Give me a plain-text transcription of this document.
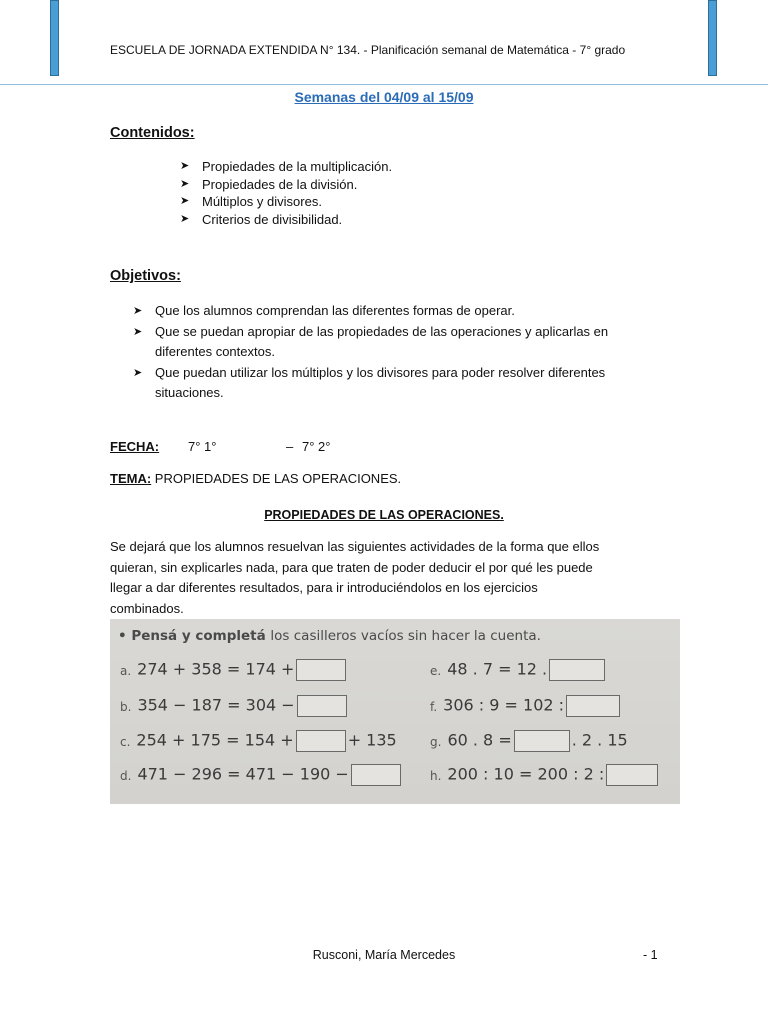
ESCUELA DE JORNADA EXTENDIDA N° 134. - Planificación semanal de Matemática - 7° grado
Semanas del 04/09 al 15/09
Contenidos:
➤ Propiedades de la multiplicación.
➤ Propiedades de la división.
➤ Múltiplos y divisores.
➤ Criterios de divisibilidad.
Objetivos:
➤ Que los alumnos comprendan las diferentes formas de operar.
➤ Que se puedan apropiar de las propiedades de las operaciones y aplicarlas en
diferentes contextos.
➤ Que puedan utilizar los múltiplos y los divisores para poder resolver diferentes
situaciones.
FECHA: 7° 1°	– 7° 2°
TEMA: PROPIEDADES DE LAS OPERACIONES.
PROPIEDADES DE LAS OPERACIONES.
Se dejará que los alumnos resuelvan las siguientes actividades de la forma que ellos
quieran, sin explicarles nada, para que traten de poder deducir el por qué les puede
llegar a dar diferentes resultados, para ir introduciéndolos en los ejercicios
combinados.
• Pensá y completá los casilleros vacíos sin hacer la cuenta.
a. 274 + 358 = 174 +
b. 354 − 187 = 304 −
c. 254 + 175 = 154 +	+ 135
d. 471 − 296 = 471 − 190 −
e. 48 . 7 = 12 .
f. 306 : 9 = 102 :
g. 60 . 8 =	. 2 . 15
h. 200 : 10 = 200 : 2 :
Rusconi, María Mercedes	- 1
